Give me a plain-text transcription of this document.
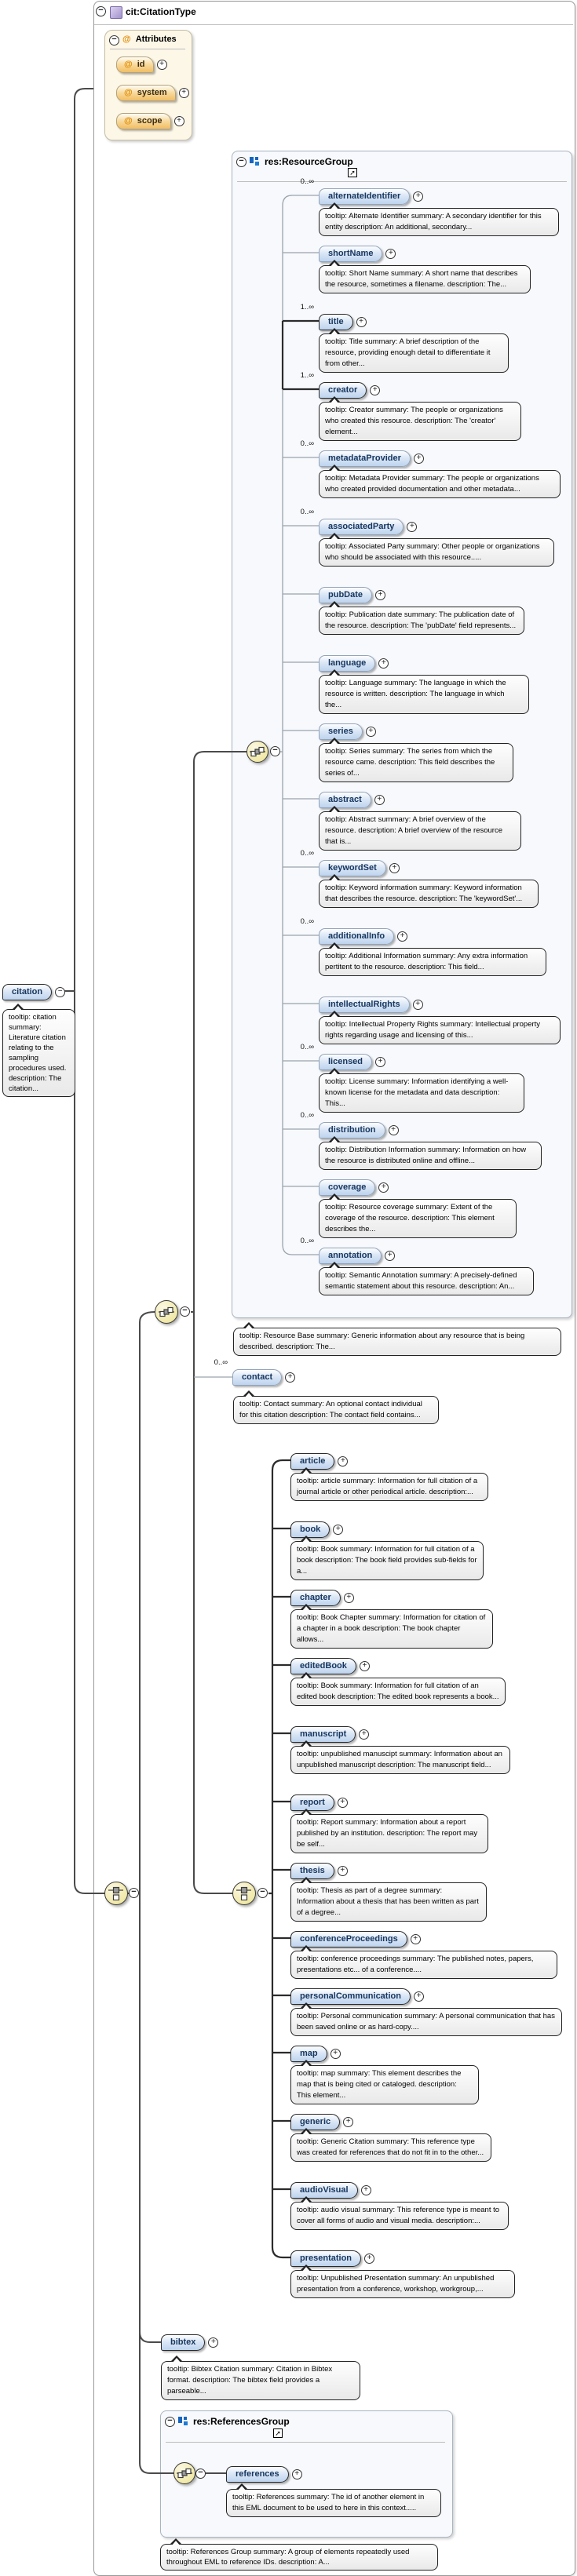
− cit:CitationType
− @ Attributes
@ id	+
@ system	+
@ scope	+
− res:ResourceGroup
➚
− res:ReferencesGroup
➚
citation	−
tooltip: citation summary: Literature citation relating to the sampling procedures used. description: The citation...
−
−
−
−
−
0..∞
alternateIdentifier	+
tooltip: Alternate Identifier summary: A secondary identifier for this entity description: An additional, secondary...
shortName	+
tooltip: Short Name summary: A short name that describes the resource, sometimes a filename. description: The...
1..∞
title	+
tooltip: Title summary: A brief description of the resource, providing enough detail to differentiate it from other...
1..∞
creator	+
tooltip: Creator summary: The people or organizations who created this resource. description: The 'creator' element...
0..∞
metadataProvider	+
tooltip: Metadata Provider summary: The people or organizations who created provided documentation and other metadata...
0..∞
associatedParty	+
tooltip: Associated Party summary: Other people or organizations who should be associated with this resource.....
pubDate	+
tooltip: Publication date summary: The publication date of the resource. description: The 'pubDate' field represents...
language	+
tooltip: Language summary: The language in which the resource is written. description: The language in which the...
series	+
tooltip: Series summary: The series from which the resource came. description: This field describes the series of...
abstract	+
tooltip: Abstract summary: A brief overview of the resource. description: A brief overview of the resource that is...
0..∞
keywordSet	+
tooltip: Keyword information summary: Keyword information that describes the resource. description: The 'keywordSet'...
0..∞
additionalInfo	+
tooltip: Additional Information summary: Any extra information pertitent to the resource. description: This field...
intellectualRights	+
tooltip: Intellectual Property Rights summary: Intellectual property rights regarding usage and licensing of this...
0..∞
licensed	+
tooltip: License summary: Information identifying a well-known license for the metadata and data description: This...
0..∞
distribution	+
tooltip: Distribution Information summary: Information on how the resource is distributed online and offline...
coverage	+
tooltip: Resource coverage summary: Extent of the coverage of the resource. description: This element describes the...
0..∞
annotation	+
tooltip: Semantic Annotation summary: A precisely-defined semantic statement about this resource. description: An...
tooltip: Resource Base summary: Generic information about any resource that is being described. description: The...
0..∞
contact	+
tooltip: Contact summary: An optional contact individual for this citation description: The contact field contains...
article	+
tooltip: article summary: Information for full citation of a journal article or other periodical article. description:...
book	+
tooltip: Book summary: Information for full citation of a book description: The book field provides sub-fields for a...
chapter	+
tooltip: Book Chapter summary: Information for citation of a chapter in a book description: The book chapter allows...
editedBook	+
tooltip: Book summary: Information for full citation of an edited book description: The edited book represents a book...
manuscript	+
tooltip: unpublished manuscipt summary: Information about an unpublished manuscript description: The manuscript field...
report	+
tooltip: Report summary: Information about a report published by an institution. description: The report may be self...
thesis	+
tooltip: Thesis as part of a degree summary: Information about a thesis that has been written as part of a degree...
conferenceProceedings	+
tooltip: conference proceedings summary: The published notes, papers, presentations etc... of a conference....
personalCommunication	+
tooltip: Personal communication summary: A personal communication that has been saved online or as hard-copy....
map	+
tooltip: map summary: This element describes the map that is being cited or cataloged. description: This element...
generic	+
tooltip: Generic Citation summary: This reference type was created for references that do not fit in to the other...
audioVisual	+
tooltip: audio visual summary: This reference type is meant to cover all forms of audio and visual media. description:...
presentation	+
tooltip: Unpublished Presentation summary: An unpublished presentation from a conference, workshop, workgroup,...
bibtex	+
tooltip: Bibtex Citation summary: Citation in Bibtex format. description: The bibtex field provides a parseable...
references	+
tooltip: References summary: The id of another element in this EML document to be used to here in this context.....
tooltip: References Group summary: A group of elements repeatedly used throughout EML to reference IDs. description: A...
